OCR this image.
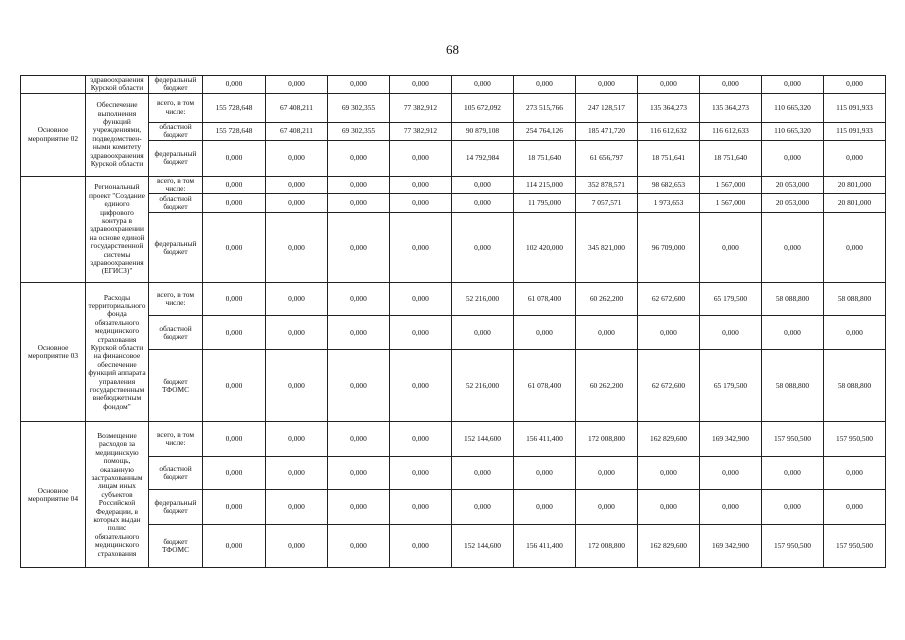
68
	здравоохранения Курской области	федеральный бюджет	0,000	0,000	0,000	0,000	0,000	0,000	0,000	0,000	0,000	0,000	0,000
Основное мероприятие 02	Обеспечение выполнения функций учреждениями, подведомствен-ными комитету здравоохранения Курской области	всего, в том числе:	155 728,648	67 408,211	69 302,355	77 382,912	105 672,092	273 515,766	247 128,517	135 364,273	135 364,273	110 665,320	115 091,933
		областной бюджет	155 728,648	67 408,211	69 302,355	77 382,912	90 879,108	254 764,126	185 471,720	116 612,632	116 612,633	110 665,320	115 091,933
		федеральный бюджет	0,000	0,000	0,000	0,000	14 792,984	18 751,640	61 656,797	18 751,641	18 751,640	0,000	0,000
	Региональный проект "Создание единого цифрового контура в здравоохранении на основе единой государственной системы здравоохранения (ЕГИСЗ)"	всего, в том числе:	0,000	0,000	0,000	0,000	0,000	114 215,000	352 878,571	98 682,653	1 567,000	20 053,000	20 801,000
		областной бюджет	0,000	0,000	0,000	0,000	0,000	11 795,000	7 057,571	1 973,653	1 567,000	20 053,000	20 801,000
		федеральный бюджет	0,000	0,000	0,000	0,000	0,000	102 420,000	345 821,000	96 709,000	0,000	0,000	0,000
Основное мероприятие 03	Расходы территориального фонда обязательного медицинского страхования Курской области на финансовое обеспечение функций аппарата управления государственным внебюджетным фондом"	всего, в том числе:	0,000	0,000	0,000	0,000	52 216,000	61 078,400	60 262,200	62 672,600	65 179,500	58 088,800	58 088,800
		областной бюджет	0,000	0,000	0,000	0,000	0,000	0,000	0,000	0,000	0,000	0,000	0,000
		бюджет ТФОМС	0,000	0,000	0,000	0,000	52 216,000	61 078,400	60 262,200	62 672,600	65 179,500	58 088,800	58 088,800
Основное мероприятие 04	Возмещение расходов за медицинскую помощь, оказанную застрахованным лицам иных субъектов Российской Федерации, в которых выдан полис обязательного медицинского страхования	всего, в том числе:	0,000	0,000	0,000	0,000	152 144,600	156 411,400	172 008,800	162 829,600	169 342,900	157 950,500	157 950,500
		областной бюджет	0,000	0,000	0,000	0,000	0,000	0,000	0,000	0,000	0,000	0,000	0,000
		федеральный бюджет	0,000	0,000	0,000	0,000	0,000	0,000	0,000	0,000	0,000	0,000	0,000
		бюджет ТФОМС	0,000	0,000	0,000	0,000	152 144,600	156 411,400	172 008,800	162 829,600	169 342,900	157 950,500	157 950,500
